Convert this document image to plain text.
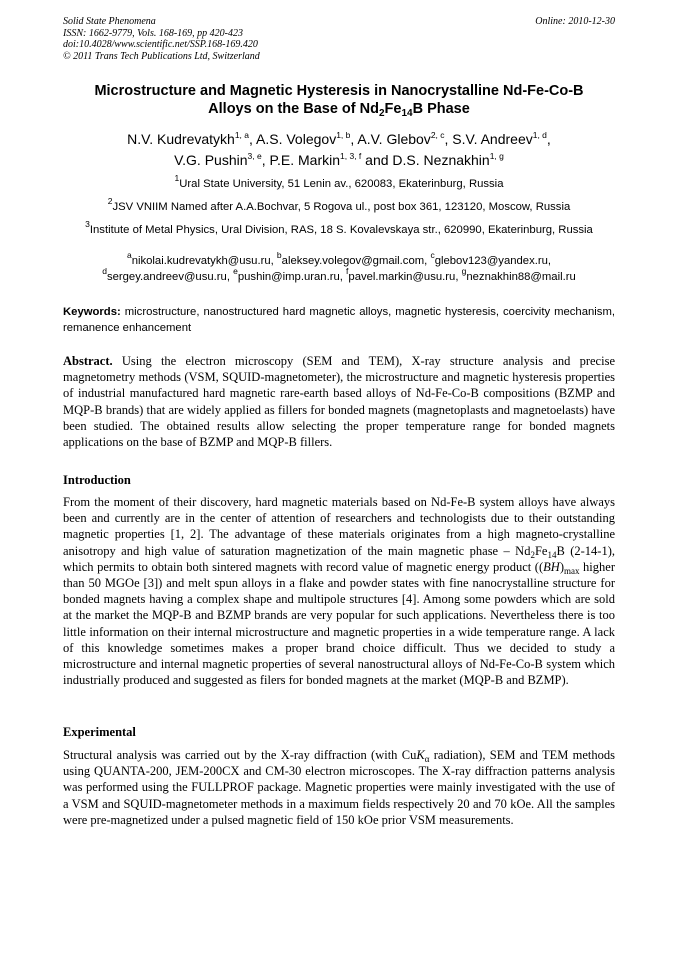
Solid State Phenomena
ISSN: 1662-9779, Vols. 168-169, pp 420-423
doi:10.4028/www.scientific.net/SSP.168-169.420
© 2011 Trans Tech Publications Ltd, Switzerland
Online: 2010-12-30
Microstructure and Magnetic Hysteresis in Nanocrystalline Nd-Fe-Co-B
Alloys on the Base of $Nd_2Fe_{14}B$ Phase
N.V. Kudrevatykh$^{1, a}$, A.S. Volegov$^{1, b}$, A.V. Glebov$^{2, c}$, S.V. Andreev$^{1, d}$,
V.G. Pushin$^{3, e}$, P.E. Markin$^{1, 3, f}$ and D.S. Neznakhin$^{1, g}$
$^1$Ural State University, 51 Lenin av., 620083, Ekaterinburg, Russia
$^2$JSV VNIIM Named after A.A.Bochvar, 5 Rogova ul., post box 361, 123120, Moscow, Russia
$^3$Institute of Metal Physics, Ural Division, RAS, 18 S. Kovalevskaya str., 620990, Ekaterinburg, Russia
$^a$nikolai.kudrevatykh@usu.ru, $^b$aleksey.volegov@gmail.com, $^c$glebov123@yandex.ru,
$^d$sergey.andreev@usu.ru, $^e$pushin@imp.uran.ru, $^f$pavel.markin@usu.ru, $^g$neznakhin88@mail.ru
Keywords: microstructure, nanostructured hard magnetic alloys, magnetic hysteresis, coercivity mechanism, remanence enhancement
Abstract. Using the electron microscopy (SEM and TEM), X-ray structure analysis and precise magnetometry methods (VSM, SQUID-magnetometer), the microstructure and magnetic hysteresis properties of industrial manufactured hard magnetic rare-earth based alloys of Nd-Fe-Co-B compositions (BZMP and MQP-B brands) that are widely applied as fillers for bonded magnets (magnetoplasts and magnetoelasts) have been studied. The obtained results allow selecting the proper temperature range for bonded magnets applications on the base of BZMP and MQP-B fillers.
Introduction
From the moment of their discovery, hard magnetic materials based on Nd-Fe-B system alloys have always been and currently are in the center of attention of researchers and technologists due to their outstanding magnetic properties [1, 2]. The advantage of these materials originates from a high magneto-crystalline anisotropy and high value of saturation magnetization of the main magnetic phase – $Nd_2Fe_{14}B$ (2-14-1), which permits to obtain both sintered magnets with record value of magnetic energy product ($(BH)_{max}$ higher than 50 MGOe [3]) and melt spun alloys in a flake and powder states with fine nanocrystalline structure for bonded magnets having a complex shape and multipole structures [4]. Among some powders which are sold at the market the MQP-B and BZMP brands are very popular for such applications. Nevertheless there is too little information on their internal microstructure and magnetic properties in a wide temperature range. A lack of this knowledge sometimes makes a proper brand choice difficult. Thus we decided to study a microstructure and internal magnetic properties of several nanostructural alloys of Nd-Fe-Co-B system which industrially produced and suggested as filers for bonded magnets at the market (MQP-B and BZMP).
Experimental
Structural analysis was carried out by the X-ray diffraction (with CuK$_\alpha$ radiation), SEM and TEM methods using QUANTA-200, JEM-200CX and CM-30 electron microscopes. The X-ray diffraction patterns analysis was performed using the FULLPROF package. Magnetic properties were mainly investigated with the use of a VSM and SQUID-magnetometer methods in a maximum fields respectively 20 and 70 kOe. All the samples were pre-magnetized under a pulsed magnetic field of 150 kOe prior VSM measurements.
